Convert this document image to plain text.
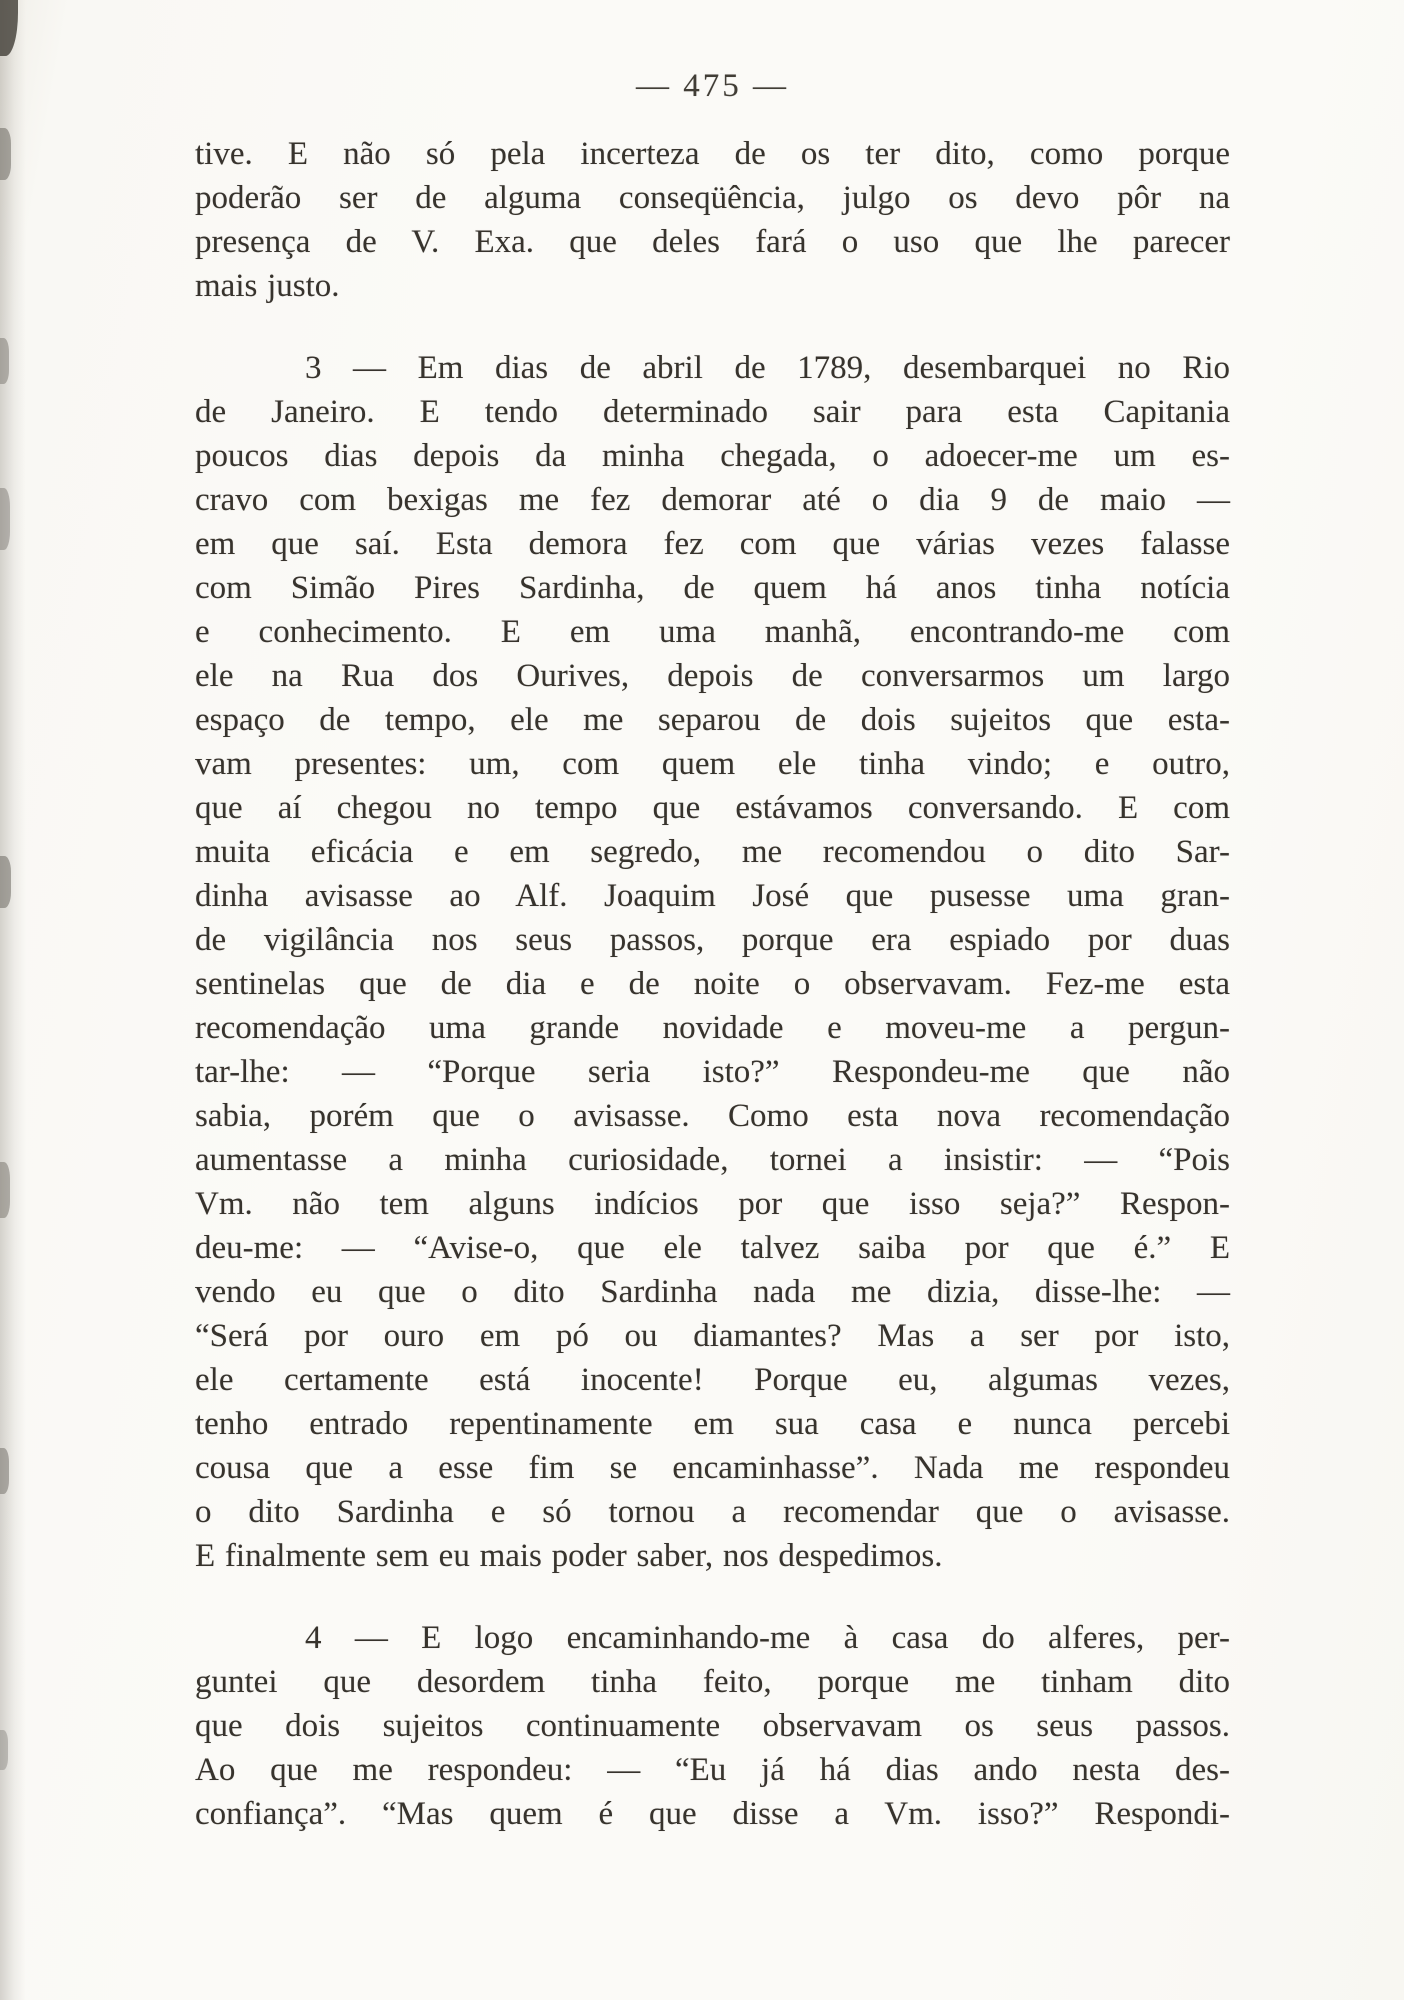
— 475 —
tive. E não só pela incerteza de os ter dito, como porque
poderão ser de alguma conseqüência, julgo os devo pôr na
presença de V. Exa. que deles fará o uso que lhe parecer
mais justo.
3 — Em dias de abril de 1789, desembarquei no Rio
de Janeiro. E tendo determinado sair para esta Capitania
poucos dias depois da minha chegada, o adoecer-me um es-
cravo com bexigas me fez demorar até o dia 9 de maio —
em que saí. Esta demora fez com que várias vezes falasse
com Simão Pires Sardinha, de quem há anos tinha notícia
e conhecimento. E em uma manhã, encontrando-me com
ele na Rua dos Ourives, depois de conversarmos um largo
espaço de tempo, ele me separou de dois sujeitos que esta-
vam presentes: um, com quem ele tinha vindo; e outro,
que aí chegou no tempo que estávamos conversando. E com
muita eficácia e em segredo, me recomendou o dito Sar-
dinha avisasse ao Alf. Joaquim José que pusesse uma gran-
de vigilância nos seus passos, porque era espiado por duas
sentinelas que de dia e de noite o observavam. Fez-me esta
recomendação uma grande novidade e moveu-me a pergun-
tar-lhe: — “Porque seria isto?” Respondeu-me que não
sabia, porém que o avisasse. Como esta nova recomendação
aumentasse a minha curiosidade, tornei a insistir: — “Pois
Vm. não tem alguns indícios por que isso seja?” Respon-
deu-me: — “Avise-o, que ele talvez saiba por que é.” E
vendo eu que o dito Sardinha nada me dizia, disse-lhe: —
“Será por ouro em pó ou diamantes? Mas a ser por isto,
ele certamente está inocente! Porque eu, algumas vezes,
tenho entrado repentinamente em sua casa e nunca percebi
cousa que a esse fim se encaminhasse”. Nada me respondeu
o dito Sardinha e só tornou a recomendar que o avisasse.
E finalmente sem eu mais poder saber, nos despedimos.
4 — E logo encaminhando-me à casa do alferes, per-
guntei que desordem tinha feito, porque me tinham dito
que dois sujeitos continuamente observavam os seus passos.
Ao que me respondeu: — “Eu já há dias ando nesta des-
confiança”. “Mas quem é que disse a Vm. isso?” Respondi-
